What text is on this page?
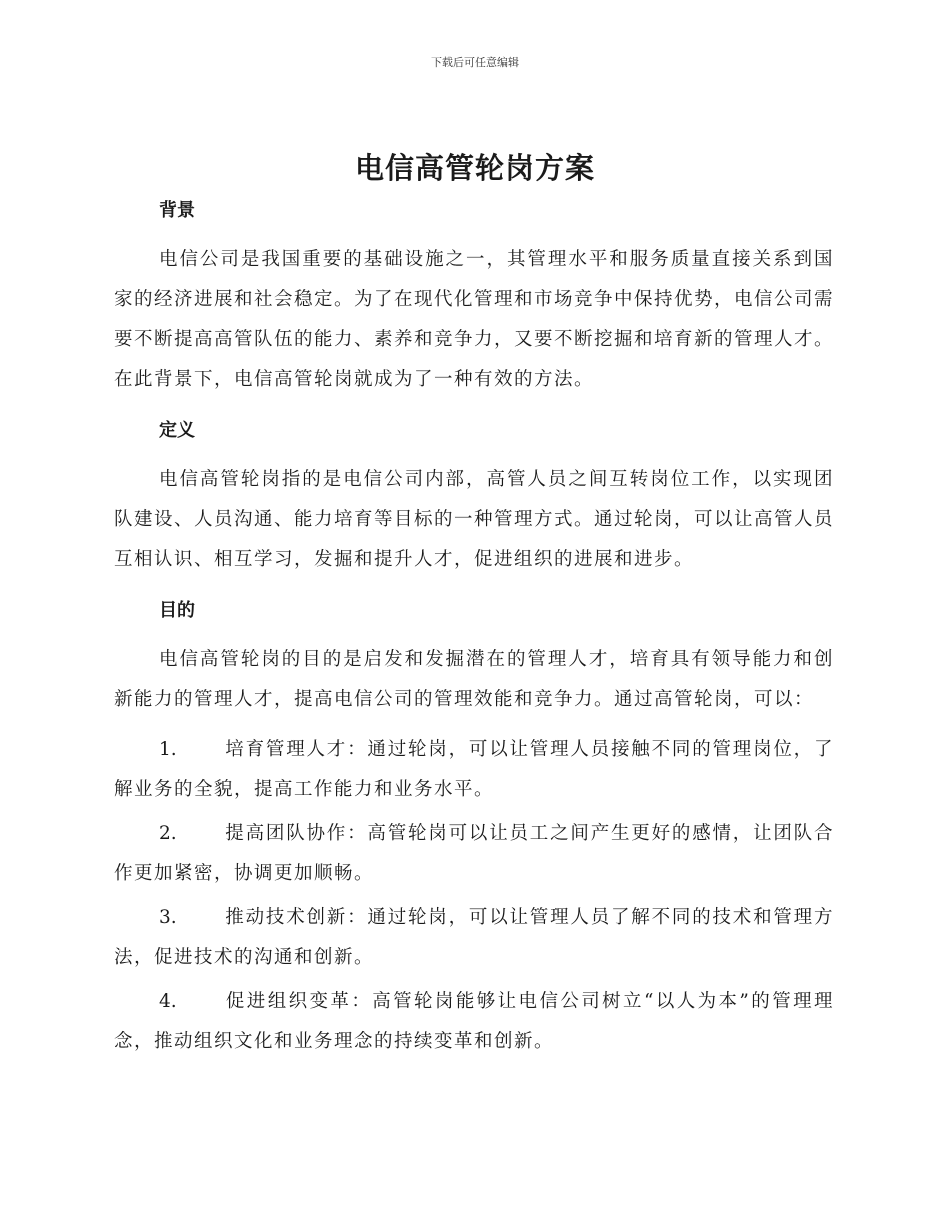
下载后可任意编辑
电信高管轮岗方案
背景

电信公司是我国重要的基础设施之一，其管理水平和服务质量直接关系到国家的经济进展和社会稳定。为了在现代化管理和市场竞争中保持优势，电信公司需要不断提高高管队伍的能力、素养和竞争力，又要不断挖掘和培育新的管理人才。在此背景下，电信高管轮岗就成为了一种有效的方法。

定义

电信高管轮岗指的是电信公司内部，高管人员之间互转岗位工作，以实现团队建设、人员沟通、能力培育等目标的一种管理方式。通过轮岗，可以让高管人员互相认识、相互学习，发掘和提升人才，促进组织的进展和进步。

目的

电信高管轮岗的目的是启发和发掘潜在的管理人才，培育具有领导能力和创新能力的管理人才，提高电信公司的管理效能和竞争力。通过高管轮岗，可以：

1.	培育管理人才：通过轮岗，可以让管理人员接触不同的管理岗位，了解业务的全貌，提高工作能力和业务水平。

2.	提高团队协作：高管轮岗可以让员工之间产生更好的感情，让团队合作更加紧密，协调更加顺畅。

3.	推动技术创新：通过轮岗，可以让管理人员了解不同的技术和管理方法，促进技术的沟通和创新。

4.	促进组织变革：高管轮岗能够让电信公司树立“以人为本”的管理理念，推动组织文化和业务理念的持续变革和创新。
